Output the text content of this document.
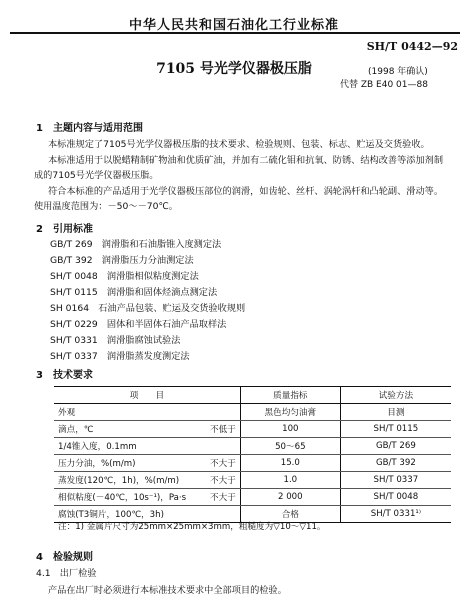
中华人民共和国石油化工行业标准
SH/T 0442—92
7105 号光学仪器极压脂	(1998 年确认)
代替 ZB E40 01—88
1　主题内容与适用范围
本标准规定了7105号光学仪器极压脂的技术要求、检验规则、包装、标志、贮运及交货验收。
本标准适用于以脱蜡精制矿物油和优质矿油，并加有二硫化钼和抗氧、防锈、结构改善等添加剂制成的7105号光学仪器极压脂。
符合本标准的产品适用于光学仪器极压部位的润滑，如齿轮、丝杆、涡轮涡杆和凸轮副、滑动等。使用温度范围为：－50～－70℃。
2　引用标准
GB/T 269　润滑脂和石油脂锥入度测定法
GB/T 392　润滑脂压力分油测定法
SH/T 0048　润滑脂相似粘度测定法
SH/T 0115　润滑脂和固体烃滴点测定法
SH 0164　石油产品包装、贮运及交货验收规则
SH/T 0229　固体和半固体石油产品取样法
SH/T 0331　润滑脂腐蚀试验法
SH/T 0337　润滑脂蒸发度测定法
3　技术要求
项　　目		质量指标	试验方法
外观		黑色均匀油膏	目测
滴点，℃	不低于	100	SH/T 0115
1/4锥入度，0.1mm		50～65	GB/T 269
压力分油，%(m/m)	不大于	15.0	GB/T 392
蒸发度(120℃，1h)，%(m/m)	不大于	1.0	SH/T 0337
相似粘度(－40℃，10s⁻¹)，Pa·s	不大于	2 000	SH/T 0048
腐蚀(T3铜片，100℃，3h)		合格	SH/T 0331¹⁾
注：1) 金属片尺寸为25mm×25mm×3mm，粗糙度为▽10～▽11。
4　检验规则
4.1　出厂检验
产品在出厂时必须进行本标准技术要求中全部项目的检验。
